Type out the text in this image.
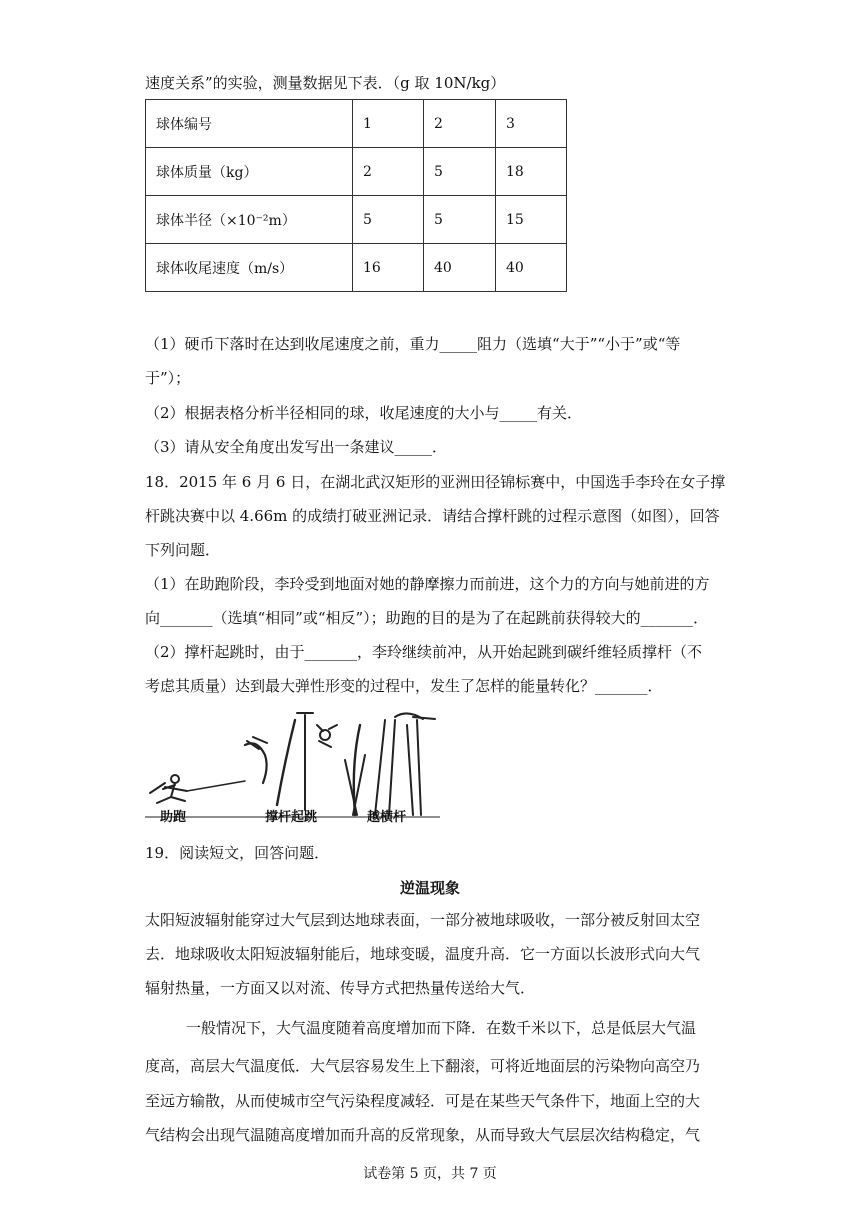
速度关系”的实验，测量数据见下表．（g 取 10N/kg）
球体编号	1	2	3
球体质量（kg）	2	5	18
球体半径（×10⁻²m）	5	5	15
球体收尾速度（m/s）	16	40	40
（1）硬币下落时在达到收尾速度之前，重力_____阻力（选填“大于”“小于”或“等
于”）；
（2）根据表格分析半径相同的球，收尾速度的大小与_____有关．
（3）请从安全角度出发写出一条建议_____．
18．2015 年 6 月 6 日，在湖北武汉矩形的亚洲田径锦标赛中，中国选手李玲在女子撑
杆跳决赛中以 4.66m 的成绩打破亚洲记录．请结合撑杆跳的过程示意图（如图），回答
下列问题．
（1）在助跑阶段，李玲受到地面对她的静摩擦力而前进，这个力的方向与她前进的方
向_______（选填“相同”或“相反”）；助跑的目的是为了在起跳前获得较大的_______．
（2）撑杆起跳时，由于_______，李玲继续前冲，从开始起跳到碳纤维轻质撑杆（不
考虑其质量）达到最大弹性形变的过程中，发生了怎样的能量转化？_______．
助跑	撑杆起跳	越横杆
19．阅读短文，回答问题．
逆温现象
太阳短波辐射能穿过大气层到达地球表面，一部分被地球吸收，一部分被反射回太空
去．地球吸收太阳短波辐射能后，地球变暖，温度升高．它一方面以长波形式向大气
辐射热量，一方面又以对流、传导方式把热量传送给大气．
一般情况下，大气温度随着高度增加而下降．在数千米以下，总是低层大气温
度高，高层大气温度低．大气层容易发生上下翻滚，可将近地面层的污染物向高空乃
至远方输散，从而使城市空气污染程度减轻．可是在某些天气条件下，地面上空的大
气结构会出现气温随高度增加而升高的反常现象，从而导致大气层层次结构稳定，气
试卷第 5 页，共 7 页
